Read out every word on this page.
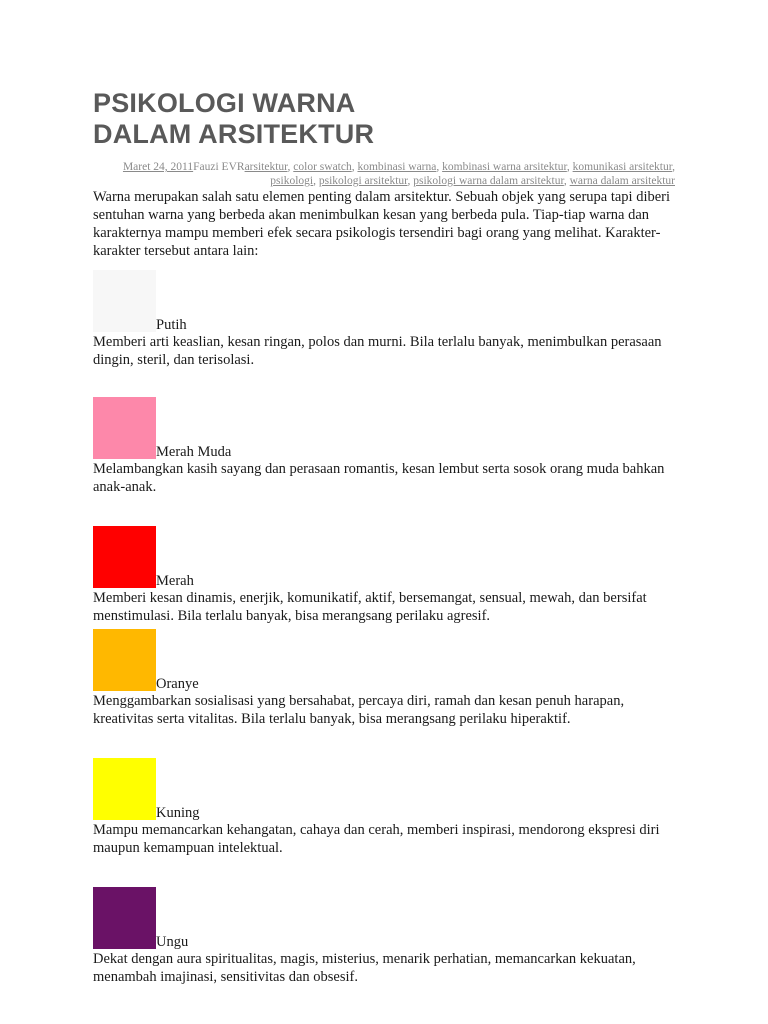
PSIKOLOGI WARNA
DALAM ARSITEKTUR
Maret 24, 2011Fauzi EVRarsitektur, color swatch, kombinasi warna, kombinasi warna arsitektur, komunikasi arsitektur, psikologi, psikologi arsitektur, psikologi warna dalam arsitektur, warna dalam arsitektur

Warna merupakan salah satu elemen penting dalam arsitektur. Sebuah objek yang serupa tapi diberi sentuhan warna yang berbeda akan menimbulkan kesan yang berbeda pula. Tiap-tiap warna dan karakternya mampu memberi efek secara psikologis tersendiri bagi orang yang melihat. Karakter-karakter tersebut antara lain:

Putih

Memberi arti keaslian, kesan ringan, polos dan murni. Bila terlalu banyak, menimbulkan perasaan dingin, steril, dan terisolasi.

Merah Muda

Melambangkan kasih sayang dan perasaan romantis, kesan lembut serta sosok orang muda bahkan anak-anak.

Merah

Memberi kesan dinamis, enerjik, komunikatif, aktif, bersemangat, sensual, mewah, dan bersifat menstimulasi. Bila terlalu banyak, bisa merangsang perilaku agresif.

Oranye

Menggambarkan sosialisasi yang bersahabat, percaya diri, ramah dan kesan penuh harapan, kreativitas serta vitalitas. Bila terlalu banyak, bisa merangsang perilaku hiperaktif.

Kuning

Mampu memancarkan kehangatan, cahaya dan cerah, memberi inspirasi, mendorong ekspresi diri maupun kemampuan intelektual.

Ungu

Dekat dengan aura spiritualitas, magis, misterius, menarik perhatian, memancarkan kekuatan, menambah imajinasi, sensitivitas dan obsesif.
